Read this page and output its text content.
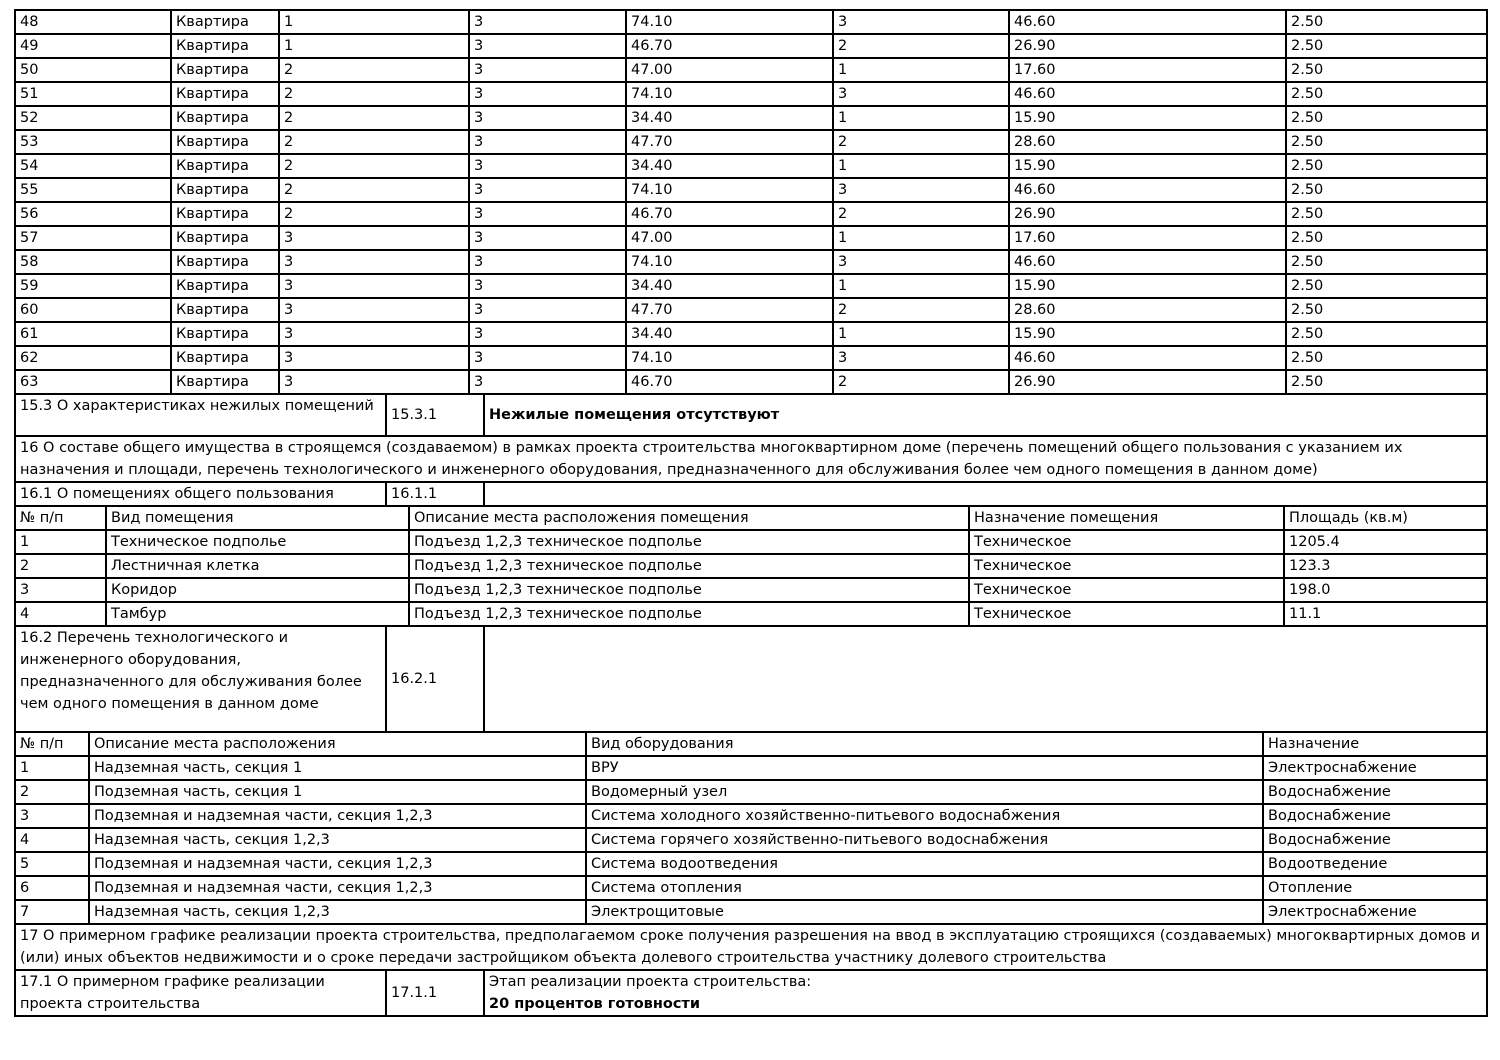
48	Квартира	1	3	74.10	3	46.60	2.50
49	Квартира	1	3	46.70	2	26.90	2.50
50	Квартира	2	3	47.00	1	17.60	2.50
51	Квартира	2	3	74.10	3	46.60	2.50
52	Квартира	2	3	34.40	1	15.90	2.50
53	Квартира	2	3	47.70	2	28.60	2.50
54	Квартира	2	3	34.40	1	15.90	2.50
55	Квартира	2	3	74.10	3	46.60	2.50
56	Квартира	2	3	46.70	2	26.90	2.50
57	Квартира	3	3	47.00	1	17.60	2.50
58	Квартира	3	3	74.10	3	46.60	2.50
59	Квартира	3	3	34.40	1	15.90	2.50
60	Квартира	3	3	47.70	2	28.60	2.50
61	Квартира	3	3	34.40	1	15.90	2.50
62	Квартира	3	3	74.10	3	46.60	2.50
63	Квартира	3	3	46.70	2	26.90	2.50
15.3 О характеристиках нежилых помещений	15.3.1	Нежилые помещения отсутствуют
16 О составе общего имущества в строящемся (создаваемом) в рамках проекта строительства многоквартирном доме (перечень помещений общего пользования с указанием их назначения и площади, перечень технологического и инженерного оборудования, предназначенного для обслуживания более чем одного помещения в данном доме)
16.1 О помещениях общего пользования	16.1.1	
№ п/п	Вид помещения	Описание места расположения помещения	Назначение помещения	Площадь (кв.м)
1	Техническое подполье	Подъезд 1,2,3 техническое подполье	Техническое	1205.4
2	Лестничная клетка	Подъезд 1,2,3 техническое подполье	Техническое	123.3
3	Коридор	Подъезд 1,2,3 техническое подполье	Техническое	198.0
4	Тамбур	Подъезд 1,2,3 техническое подполье	Техническое	11.1
16.2 Перечень технологического и инженерного оборудования, предназначенного для обслуживания более чем одного помещения в данном доме	16.2.1	
№ п/п	Описание места расположения	Вид оборудования	Назначение
1	Надземная часть, секция 1	ВРУ	Электроснабжение
2	Подземная часть, секция 1	Водомерный узел	Водоснабжение
3	Подземная и надземная части, секция 1,2,3	Система холодного хозяйственно-питьевого водоснабжения	Водоснабжение
4	Надземная часть, секция 1,2,3	Система горячего хозяйственно-питьевого водоснабжения	Водоснабжение
5	Подземная и надземная части, секция 1,2,3	Система водоотведения	Водоотведение
6	Подземная и надземная части, секция 1,2,3	Система отопления	Отопление
7	Надземная часть, секция 1,2,3	Электрощитовые	Электроснабжение
17 О примерном графике реализации проекта строительства, предполагаемом сроке получения разрешения на ввод в эксплуатацию строящихся (создаваемых) многоквартирных домов и (или) иных объектов недвижимости и о сроке передачи застройщиком объекта долевого строительства участнику долевого строительства
17.1 О примерном графике реализации проекта строительства	17.1.1	
Этап реализации проекта строительства:
20 процентов готовности
